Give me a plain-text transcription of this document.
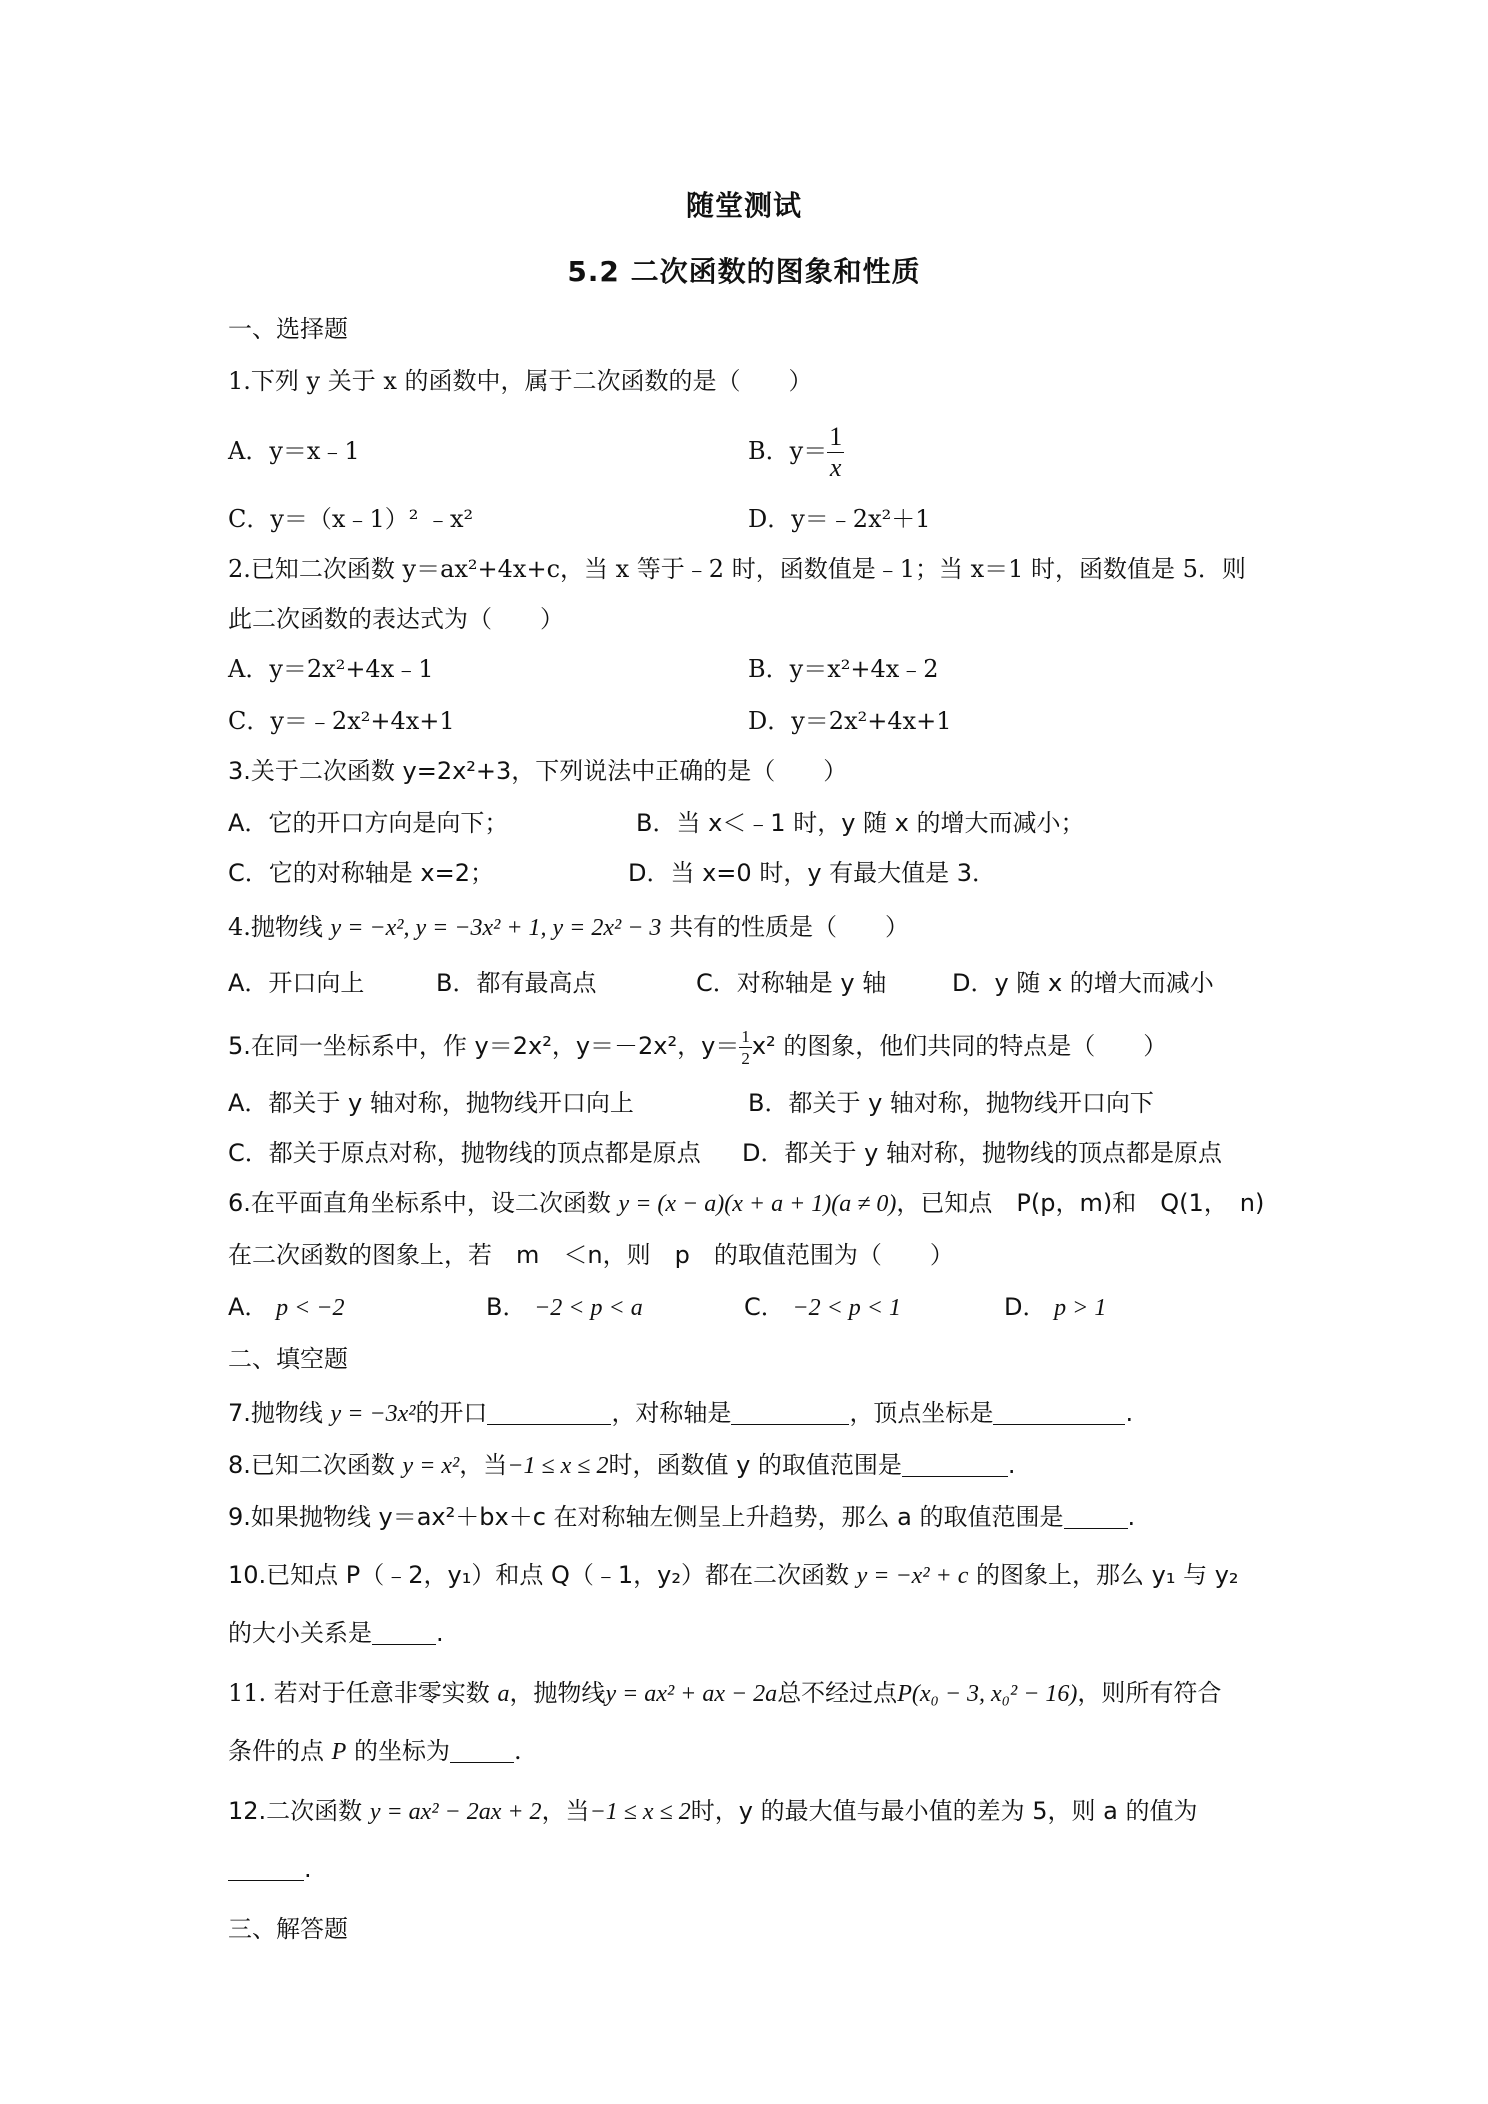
随堂测试
5.2 二次函数的图象和性质
一、选择题
1.下列 y 关于 x 的函数中，属于二次函数的是（　　）
A．y＝x﹣1	B．$y= \frac{1}{x}$
C．y＝（x﹣1）² ﹣x²	D．y＝﹣2x²＋1
2.已知二次函数 y＝ax²+4x+c，当 x 等于﹣2 时，函数值是﹣1；当 x＝1 时，函数值是 5．则
此二次函数的表达式为（　　）
A．y＝2x²+4x﹣1	B．y＝x²+4x﹣2
C．y＝﹣2x²+4x+1	D．y＝2x²+4x+1
3.关于二次函数 y=2x²+3，下列说法中正确的是（　　）
A．它的开口方向是向下；	B．当 x＜﹣1 时，y 随 x 的增大而减小；
C．它的对称轴是 x=2；	D．当 x=0 时，y 有最大值是 3．
4.抛物线 y = −x², y = −3x² + 1, y = 2x² − 3 共有的性质是（　　）
A．开口向上	B．都有最高点	C．对称轴是 y 轴	D．y 随 x 的增大而减小
5.在同一坐标系中，作 y＝2x²，y＝－2x²，$y= \frac{1}{2} x^2$ 的图象，他们共同的特点是（　　）
A．都关于 y 轴对称，抛物线开口向上	B．都关于 y 轴对称，抛物线开口向下
C．都关于原点对称，抛物线的顶点都是原点 D．都关于 y 轴对称，抛物线的顶点都是原点
6.在平面直角坐标系中，设二次函数 y = (x − a)(x + a + 1)(a ≠ 0)，已知点　P(p，m)和　Q(1，　n)
在二次函数的图象上，若　m　＜n，则　p　的取值范围为（　　）
A． p < −2	B． −2 < p < a	C． −2 < p < 1	D． p > 1
二、填空题
7.抛物线 y = −3x²的开口	，对称轴是	，顶点坐标是	.
8.已知二次函数 y = x²，当−1 ≤ x ≤ 2时，函数值 y 的取值范围是	.
9.如果抛物线 y＝ax²＋bx＋c 在对称轴左侧呈上升趋势，那么 a 的取值范围是	.
10.已知点 P（﹣2，y₁）和点 Q（﹣1，y₂）都在二次函数 y = −x² + c 的图象上，那么 y₁ 与 y₂
的大小关系是	.
11. 若对于任意非零实数 a，抛物线y = ax² + ax − 2a总不经过点P(x₀ − 3, x₀² − 16)，则所有符合
条件的点 P 的坐标为	.
12.二次函数 y = ax² − 2ax + 2，当−1 ≤ x ≤ 2时，y 的最大值与最小值的差为 5，则 a 的值为
.
三、解答题
